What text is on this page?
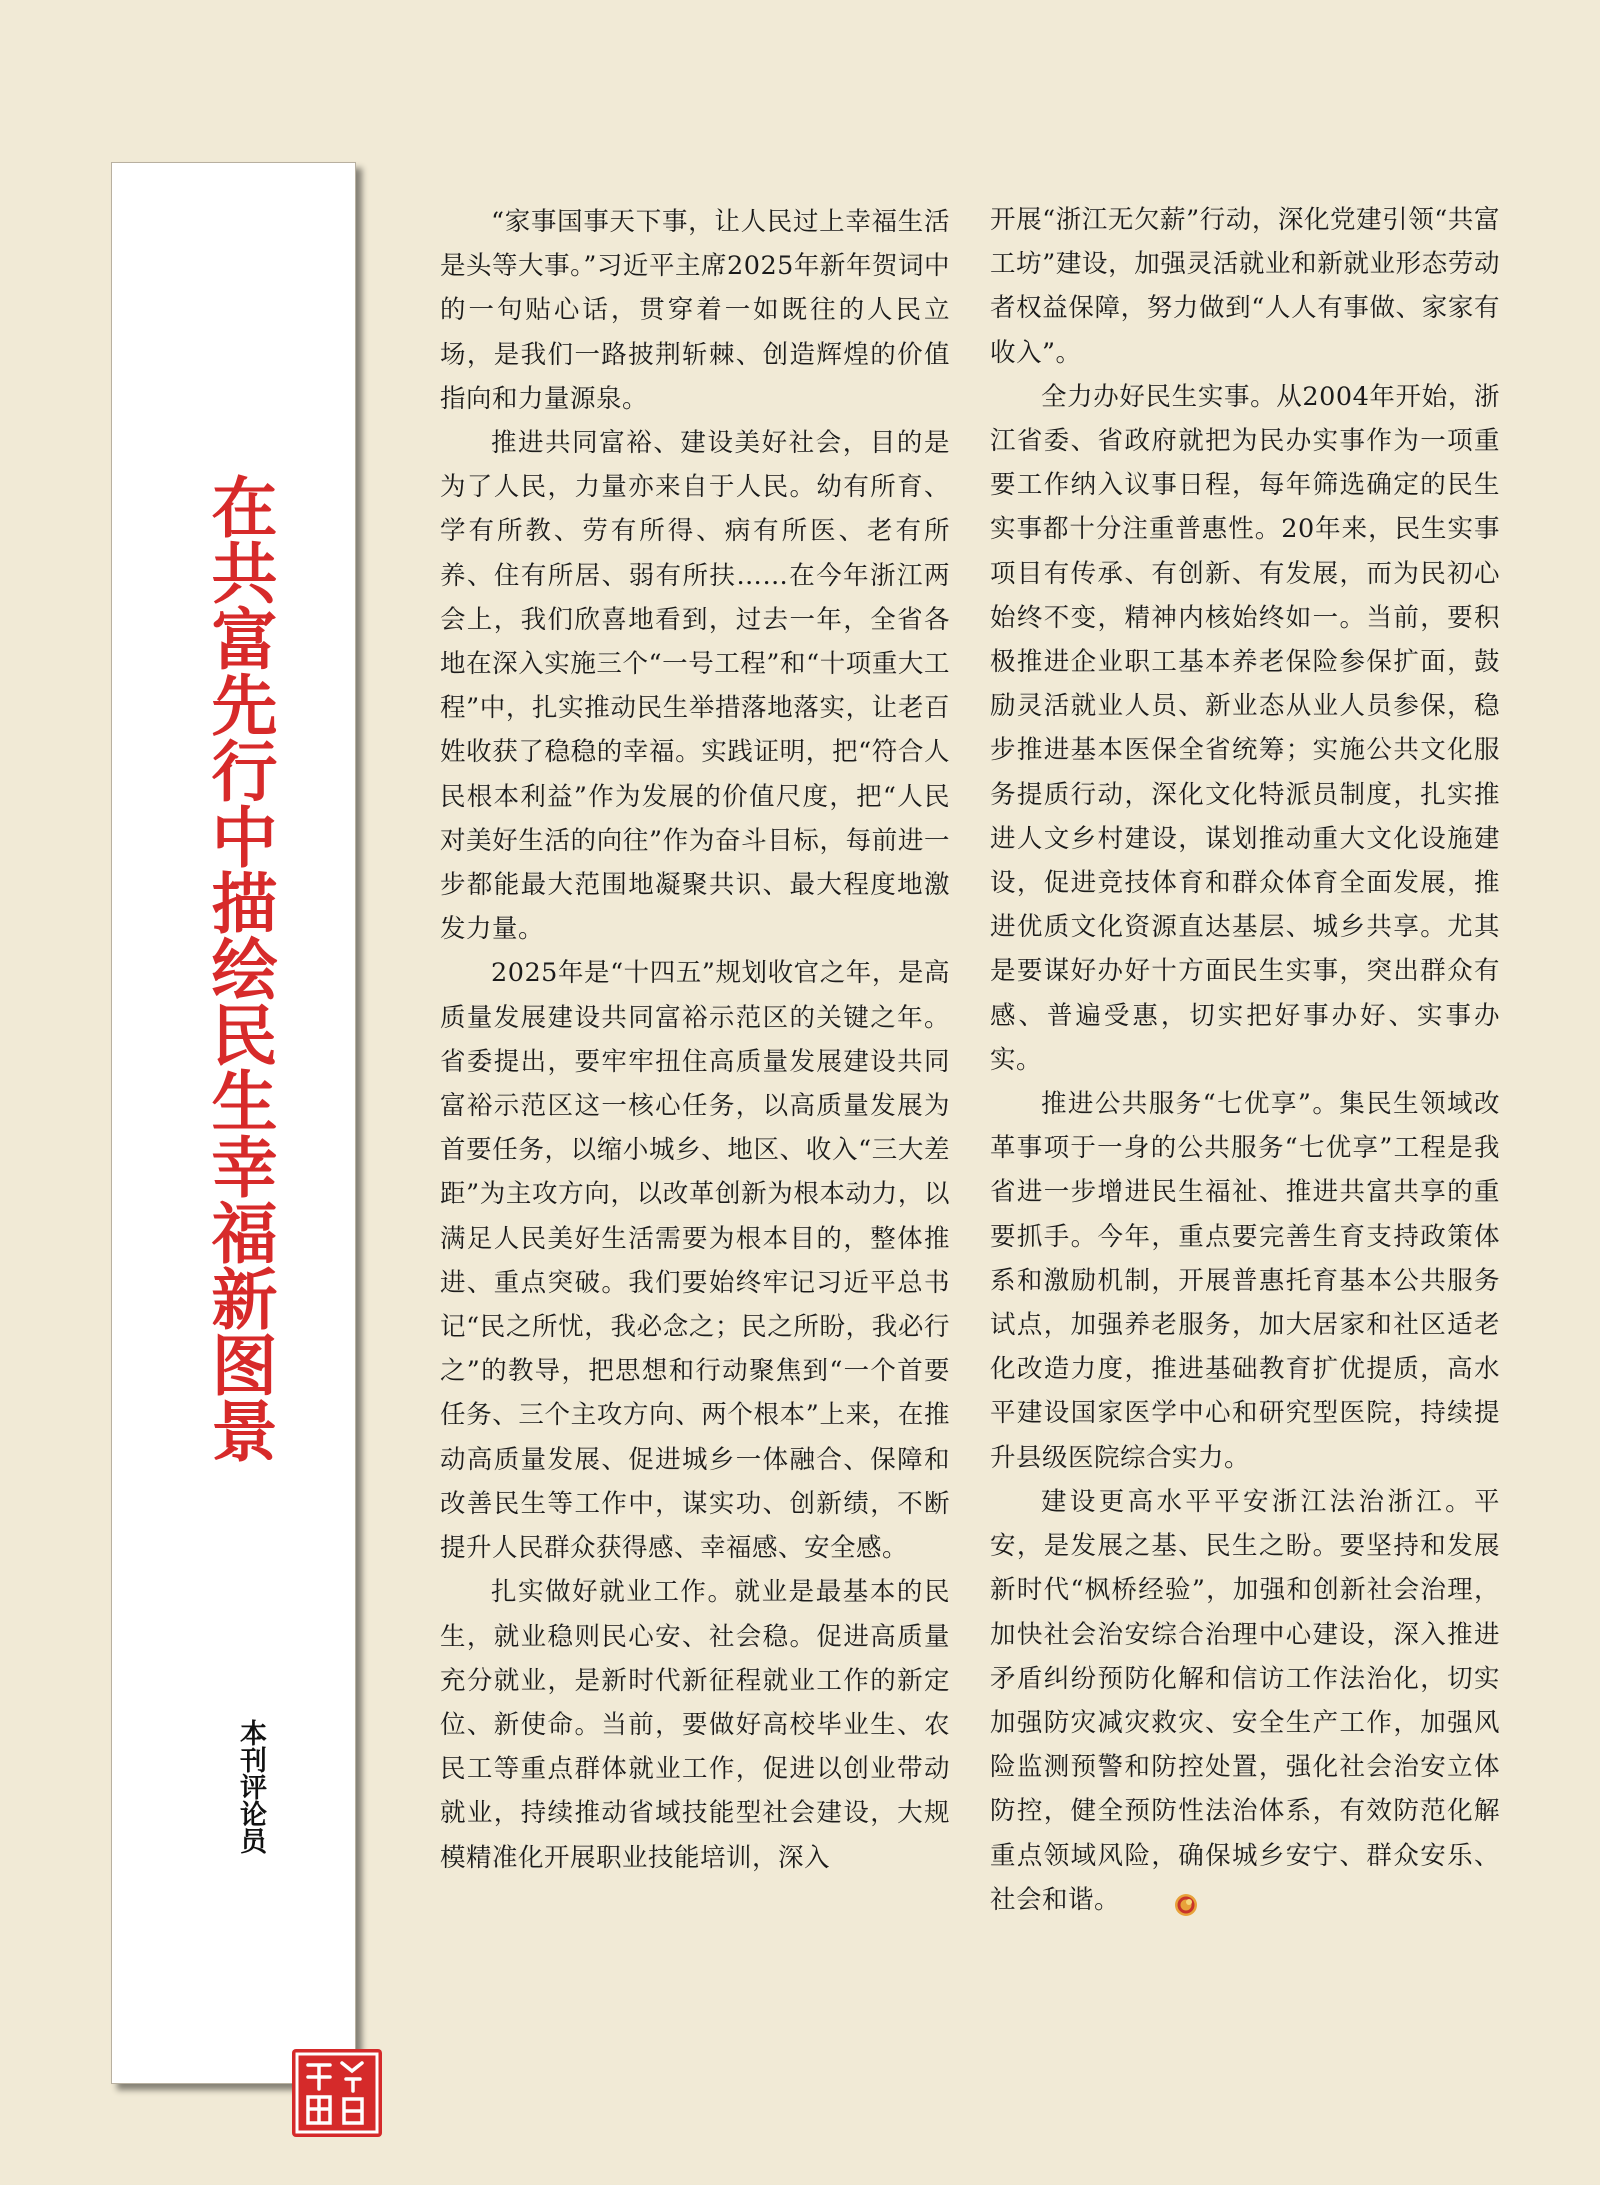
在共富先行中描绘民生幸福新图景
本刊评论员

“家事国事天下事，让人民过上幸福生活是头等大事。”习近平主席2025年新年贺词中的一句贴心话，贯穿着一如既往的人民立场，是我们一路披荆斩棘、创造辉煌的价值指向和力量源泉。

推进共同富裕、建设美好社会，目的是为了人民，力量亦来自于人民。幼有所育、学有所教、劳有所得、病有所医、老有所养、住有所居、弱有所扶……在今年浙江两会上，我们欣喜地看到，过去一年，全省各地在深入实施三个“一号工程”和“十项重大工程”中，扎实推动民生举措落地落实，让老百姓收获了稳稳的幸福。实践证明，把“符合人民根本利益”作为发展的价值尺度，把“人民对美好生活的向往”作为奋斗目标，每前进一步都能最大范围地凝聚共识、最大程度地激发力量。

2025年是“十四五”规划收官之年，是高质量发展建设共同富裕示范区的关键之年。省委提出，要牢牢扭住高质量发展建设共同富裕示范区这一核心任务，以高质量发展为首要任务，以缩小城乡、地区、收入“三大差距”为主攻方向，以改革创新为根本动力，以满足人民美好生活需要为根本目的，整体推进、重点突破。我们要始终牢记习近平总书记“民之所忧，我必念之；民之所盼，我必行之”的教导，把思想和行动聚焦到“一个首要任务、三个主攻方向、两个根本”上来，在推动高质量发展、促进城乡一体融合、保障和改善民生等工作中，谋实功、创新绩，不断提升人民群众获得感、幸福感、安全感。

扎实做好就业工作。就业是最基本的民生，就业稳则民心安、社会稳。促进高质量充分就业，是新时代新征程就业工作的新定位、新使命。当前，要做好高校毕业生、农民工等重点群体就业工作，促进以创业带动就业，持续推动省域技能型社会建设，大规模精准化开展职业技能培训，深入

开展“浙江无欠薪”行动，深化党建引领“共富工坊”建设，加强灵活就业和新就业形态劳动者权益保障，努力做到“人人有事做、家家有收入”。

全力办好民生实事。从2004年开始，浙江省委、省政府就把为民办实事作为一项重要工作纳入议事日程，每年筛选确定的民生实事都十分注重普惠性。20年来，民生实事项目有传承、有创新、有发展，而为民初心始终不变，精神内核始终如一。当前，要积极推进企业职工基本养老保险参保扩面，鼓励灵活就业人员、新业态从业人员参保，稳步推进基本医保全省统筹；实施公共文化服务提质行动，深化文化特派员制度，扎实推进人文乡村建设，谋划推动重大文化设施建设，促进竞技体育和群众体育全面发展，推进优质文化资源直达基层、城乡共享。尤其是要谋好办好十方面民生实事，突出群众有感、普遍受惠，切实把好事办好、实事办实。

推进公共服务“七优享”。集民生领域改革事项于一身的公共服务“七优享”工程是我省进一步增进民生福祉、推进共富共享的重要抓手。今年，重点要完善生育支持政策体系和激励机制，开展普惠托育基本公共服务试点，加强养老服务，加大居家和社区适老化改造力度，推进基础教育扩优提质，高水平建设国家医学中心和研究型医院，持续提升县级医院综合实力。

建设更高水平平安浙江法治浙江。平安，是发展之基、民生之盼。要坚持和发展新时代“枫桥经验”，加强和创新社会治理，加快社会治安综合治理中心建设，深入推进矛盾纠纷预防化解和信访工作法治化，切实加强防灾减灾救灾、安全生产工作，加强风险监测预警和防控处置，强化社会治安立体防控，健全预防性法治体系，有效防范化解重点领域风险，确保城乡安宁、群众安乐、社会和谐。
